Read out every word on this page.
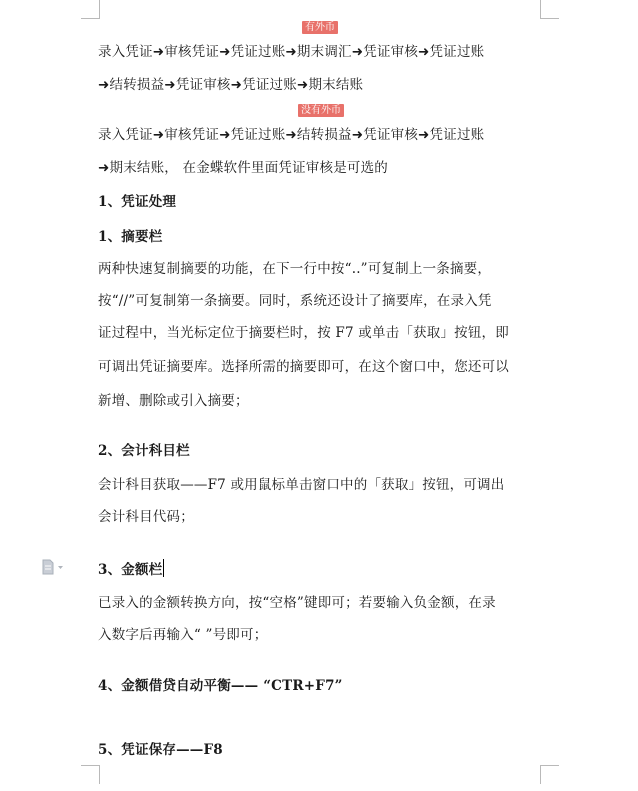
有外币
录入凭证➜审核凭证➜凭证过账➜期末调汇➜凭证审核➜凭证过账
➜结转损益➜凭证审核➜凭证过账➜期末结账
没有外币
录入凭证➜审核凭证➜凭证过账➜结转损益➜凭证审核➜凭证过账
➜期末结账， 在金蝶软件里面凭证审核是可选的
1、凭证处理
1、摘要栏
两种快速复制摘要的功能，在下一行中按“..”可复制上一条摘要，
按“//”可复制第一条摘要。同时，系统还设计了摘要库，在录入凭
证过程中，当光标定位于摘要栏时，按 F7 或单击「获取」按钮，即
可调出凭证摘要库。选择所需的摘要即可，在这个窗口中，您还可以
新增、删除或引入摘要；
2、会计科目栏
会计科目获取——F7 或用鼠标单击窗口中的「获取」按钮，可调出
会计科目代码；
3、金额栏
已录入的金额转换方向，按“空格”键即可；若要输入负金额，在录
入数字后再输入“ ”号即可；
4、金额借贷自动平衡—— “CTR+F7”
5、凭证保存——F8
